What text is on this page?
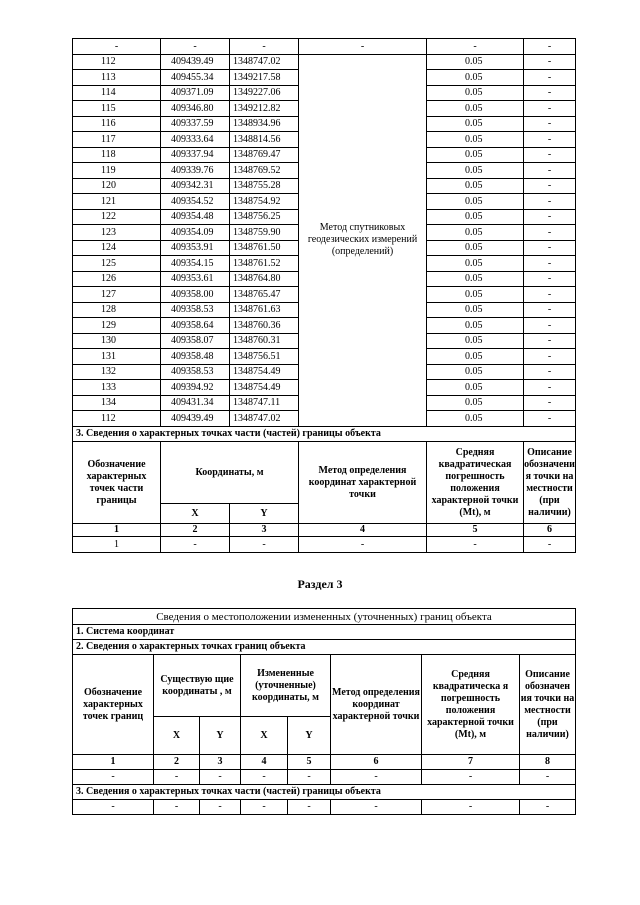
-	-	-	-	-	-
112	409439.49	1348747.02	Метод спутниковых геодезических измерений (определений)	0.05	-
113	409455.34	1349217.58		0.05	-
114	409371.09	1349227.06		0.05	-
115	409346.80	1349212.82		0.05	-
116	409337.59	1348934.96		0.05	-
117	409333.64	1348814.56		0.05	-
118	409337.94	1348769.47		0.05	-
119	409339.76	1348769.52		0.05	-
120	409342.31	1348755.28		0.05	-
121	409354.52	1348754.92		0.05	-
122	409354.48	1348756.25		0.05	-
123	409354.09	1348759.90		0.05	-
124	409353.91	1348761.50		0.05	-
125	409354.15	1348761.52		0.05	-
126	409353.61	1348764.80		0.05	-
127	409358.00	1348765.47		0.05	-
128	409358.53	1348761.63		0.05	-
129	409358.64	1348760.36		0.05	-
130	409358.07	1348760.31		0.05	-
131	409358.48	1348756.51		0.05	-
132	409358.53	1348754.49		0.05	-
133	409394.92	1348754.49		0.05	-
134	409431.34	1348747.11		0.05	-
112	409439.49	1348747.02		0.05	-
3. Сведения о характерных точках части (частей) границы объекта					
Обозначение характерных точек части границы	Координаты, м		Метод определения координат характерной точки	Средняя квадратическая погрешность положения характерной точки (Mt), м	Описание обозначени я точки на местности (при наличии)
	X	Y			
1	2	3	4	5	6
1	-	-	-	-	-
Раздел 3
Сведения о местоположении измененных (уточненных) границ объекта							
1. Система координат							
2. Сведения о характерных точках границ объекта							
Обозначение характерных точек границ	Существую щие координаты , м		Измененные (уточненные) координаты, м		Метод определения координат характерной точки	Средняя квадратическа я погрешность положения характерной точки (Mt), м	Описание обозначен ия точки на местности (при наличии)
	X	Y	X	Y			
1	2	3	4	5	6	7	8
-	-	-	-	-	-	-	-
3. Сведения о характерных точках части (частей) границы объекта							
-	-	-	-	-	-	-	-
